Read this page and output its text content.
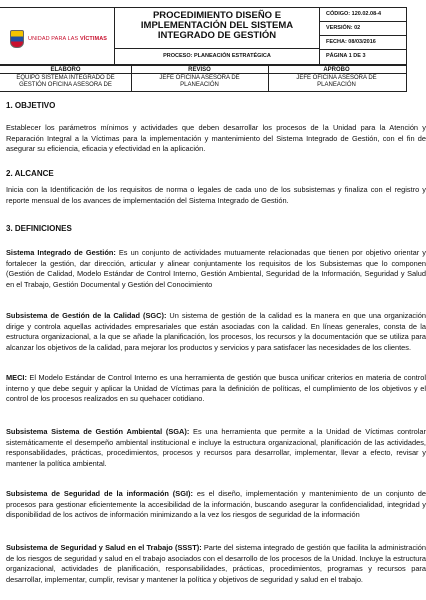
UNIDAD PARA LAS VÍCTIMAS
PROCEDIMIENTO DISEÑO E
IMPLEMENTACIÓN DEL SISTEMA
INTEGRADO DE GESTIÓN
PROCESO: PLANEACIÓN ESTRATÉGICA
CÓDIGO: 120.02.08-4
VERSIÓN: 02
FECHA: 08/03/2016
PÁGINA 1 DE 3
ELABORÓ	REVISÓ	APROBÓ
EQUIPO SISTEMA INTEGRADO DE
GESTIÓN OFICINA ASESORA DE
JEFE OFICINA ASESORA DE
PLANEACIÓN
JEFE OFICINA ASESORA DE
PLANEACIÓN
1. OBJETIVO
Establecer los parámetros mínimos y actividades que deben desarrollar los procesos de la Unidad para la Atención y Reparación Integral a la Víctimas para la implementación y mantenimiento del Sistema Integrado de Gestión, con el fin de asegurar su eficiencia, eficacia y efectividad en la aplicación.
2. ALCANCE
Inicia con la Identificación de los requisitos de norma o legales de cada uno de los subsistemas y finaliza con el registro y reporte mensual de los avances de implementación del Sistema Integrado de Gestión.
3. DEFINICIONES
Sistema Integrado de Gestión: Es un conjunto de actividades mutuamente relacionadas que tienen por objetivo orientar y fortalecer la gestión, dar dirección, articular y alinear conjuntamente los requisitos de los Subsistemas que lo componen (Gestión de Calidad, Modelo Estándar de Control Interno, Gestión Ambiental, Seguridad de la Información, Seguridad y Salud en el Trabajo, Gestión Documental y Gestión del Conocimiento
Subsistema de Gestión de la Calidad (SGC): Un sistema de gestión de la calidad es la manera en que una organización dirige y controla aquellas actividades empresariales que están asociadas con la calidad. En líneas generales, consta de la estructura organizacional, a la que se añade la planificación, los procesos, los recursos y la documentación que se utiliza para alcanzar los objetivos de la calidad, para mejorar los productos y servicios y para satisfacer las necesidades de los clientes.
MECI: El Modelo Estándar de Control Interno es una herramienta de gestión que busca unificar criterios en materia de control interno y que debe seguir y aplicar la Unidad de Víctimas para la definición de políticas, el cumplimiento de los objetivos y el control de los procesos realizados en su quehacer cotidiano.
Subsistema Sistema de Gestión Ambiental (SGA): Es una herramienta que permite a la Unidad de Víctimas controlar sistemáticamente el desempeño ambiental institucional e incluye la estructura organizacional, planificación de las actividades, responsabilidades, prácticas, procedimientos, procesos y recursos para desarrollar, implementar, llevar a efecto, revisar y mantener la política ambiental.
Subsistema de Seguridad de la información (SGI): es el diseño, implementación y mantenimiento de un conjunto de procesos para gestionar eficientemente la accesibilidad de la información, buscando asegurar la confidencialidad, integridad y disponibilidad de los activos de información minimizando a la vez los riesgos de seguridad de la información
Subsistema de Seguridad y Salud en el Trabajo (SSST): Parte del sistema integrado de gestión que facilita la administración de los riesgos de seguridad y salud en el trabajo asociados con el desarrollo de los procesos de la Unidad. Incluye la estructura organizacional, actividades de planificación, responsabilidades, prácticas, procedimientos, programas y recursos para desarrollar, implementar, cumplir, revisar y mantener la política y objetivos de seguridad y salud en el trabajo.
